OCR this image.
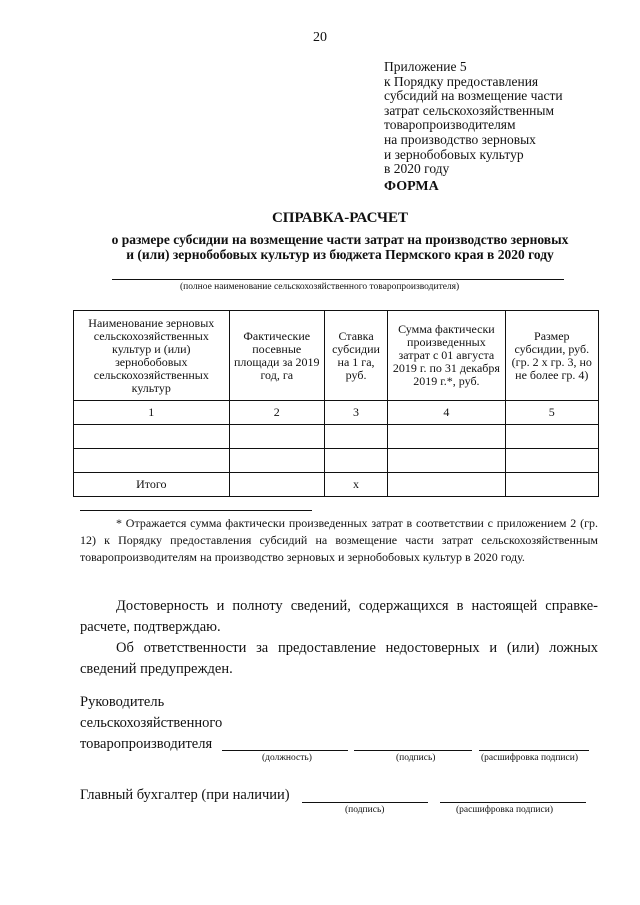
20
Приложение 5
к Порядку предоставления
субсидий на возмещение части
затрат сельскохозяйственным
товаропроизводителям
на производство зерновых
и зернобобовых культур
в 2020 году
ФОРМА
СПРАВКА-РАСЧЕТ
о размере субсидии на возмещение части затрат на производство зерновых
и (или) зернобобовых культур из бюджета Пермского края в 2020 году
(полное наименование сельскохозяйственного товаропроизводителя)
Наименование зерновых сельскохозяйственных культур и (или) зернобобовых сельскохозяйственных культур	Фактические посевные площади за 2019 год, га	Ставка субсидии на 1 га, руб.	Сумма фактически произведенных затрат с 01 августа 2019 г. по 31 декабря 2019 г.*, руб.	Размер субсидии, руб. (гр. 2 х гр. 3, но не более гр. 4)
1	2	3	4	5

Итого		х		
* Отражается сумма фактически произведенных затрат в соответствии с приложением 2 (гр. 12) к Порядку предоставления субсидий на возмещение части затрат сельскохозяйственным товаропроизводителям на производство зерновых и зернобобовых культур в 2020 году.
Достоверность и полноту сведений, содержащихся в настоящей справке-расчете, подтверждаю.
Об ответственности за предоставление недостоверных и (или) ложных сведений предупрежден.
Руководитель
сельскохозяйственного
товаропроизводителя
(должность)	(подпись)	(расшифровка подписи)
Главный бухгалтер (при наличии)
(подпись)	(расшифровка подписи)
